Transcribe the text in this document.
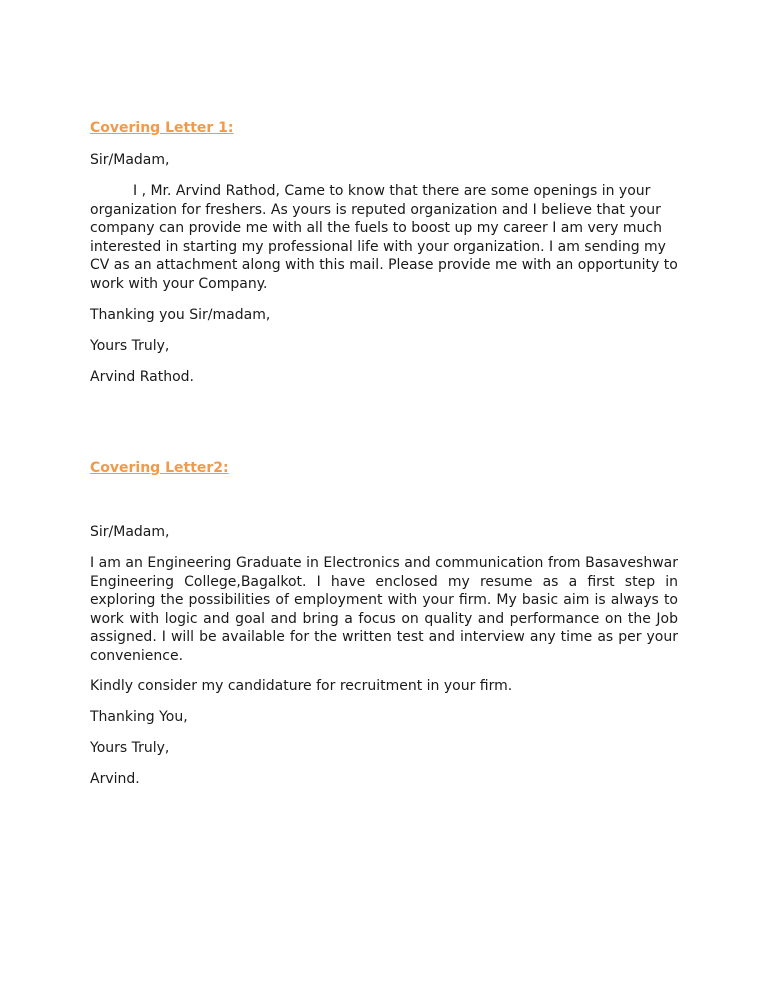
Covering Letter 1:

Sir/Madam,

I , Mr. Arvind Rathod, Came to know that there are some openings in your organization for freshers. As yours is reputed organization and I believe that your company can provide me with all the fuels to boost up my career I am very much interested in starting my professional life with your organization. I am sending my CV as an attachment along with this mail. Please provide me with an opportunity to work with your Company.

Thanking you Sir/madam,

Yours Truly,

Arvind Rathod.

Covering Letter2:

Sir/Madam,

I am an Engineering Graduate in Electronics and communication from Basaveshwar Engineering College,Bagalkot. I have enclosed my resume as a first step in exploring the possibilities of employment with your firm. My basic aim is always to work with logic and goal and bring a focus on quality and performance on the Job assigned. I will be available for the written test and interview any time as per your convenience.

Kindly consider my candidature for recruitment in your firm.

Thanking You,

Yours Truly,

Arvind.
